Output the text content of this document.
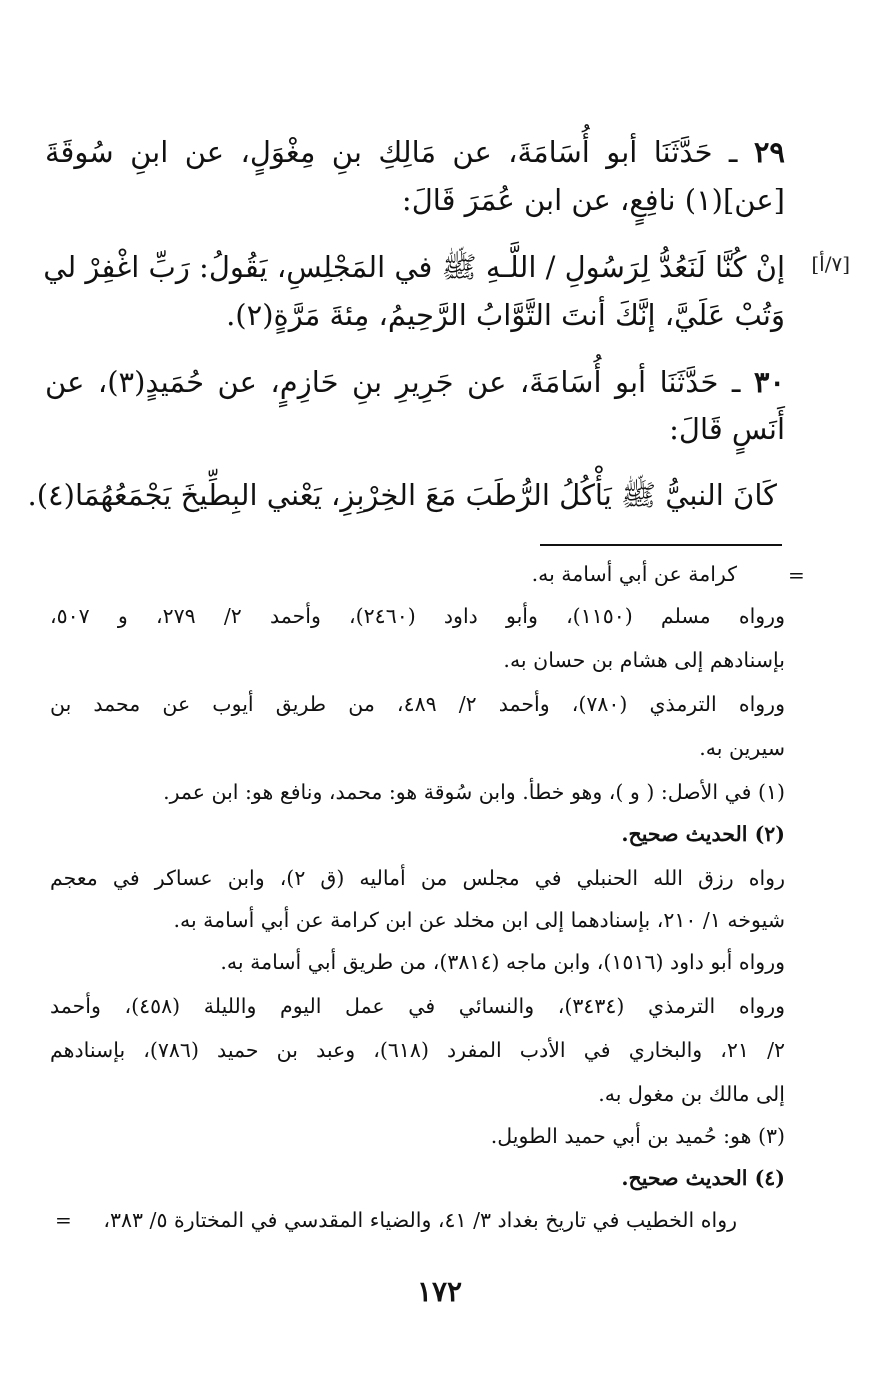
٢٩ ـ حَدَّثَنَا أبو أُسَامَةَ، عن مَالِكِ بنِ مِغْوَلٍ، عن ابنِ سُوقَةَ
[عن](١) نافِعٍ، عن ابن عُمَرَ قَالَ:
إنْ كُنَّا لَنَعُدُّ لِرَسُولِ / اللَّـهِ ﷺ في المَجْلِسِ، يَقُولُ: رَبِّ اغْفِرْ لي
وَتُبْ عَلَيَّ، إنَّكَ أنتَ التَّوَّابُ الرَّحِيمُ، مِئةَ مَرَّةٍ(٢).
[٧/أ]
٣٠ ـ حَدَّثَنَا أبو أُسَامَةَ، عن جَرِيرِ بنِ حَازِمٍ، عن حُمَيدٍ(٣)، عن
أَنَسٍ قَالَ:
كَانَ النبيُّ ﷺ يَأْكُلُ الرُّطَبَ مَعَ الخِرْبِزِ، يَعْني البِطِّيخَ يَجْمَعُهُمَا(٤).
=
كرامة عن أبي أسامة به.
ورواه مسلم (١١٥٠)، وأبو داود (٢٤٦٠)، وأحمد ٢/ ٢٧٩، و ٥٠٧،
بإسنادهم إلى هشام بن حسان به.
ورواه الترمذي (٧٨٠)، وأحمد ٢/ ٤٨٩، من طريق أيوب عن محمد بن
سيرين به.
(١) في الأصل: ( و )، وهو خطأ. وابن سُوقة هو: محمد، ونافع هو: ابن عمر.
(٢) الحديث صحيح.
رواه رزق الله الحنبلي في مجلس من أماليه (ق ٢)، وابن عساكر في معجم
شيوخه ١/ ٢١٠، بإسنادهما إلى ابن مخلد عن ابن كرامة عن أبي أسامة به.
ورواه أبو داود (١٥١٦)، وابن ماجه (٣٨١٤)، من طريق أبي أسامة به.
ورواه الترمذي (٣٤٣٤)، والنسائي في عمل اليوم والليلة (٤٥٨)، وأحمد
٢/ ٢١، والبخاري في الأدب المفرد (٦١٨)، وعبد بن حميد (٧٨٦)، بإسنادهم
إلى مالك بن مغول به.
(٣) هو: حُميد بن أبي حميد الطويل.
(٤) الحديث صحيح.
رواه الخطيب في تاريخ بغداد ٣/ ٤١، والضياء المقدسي في المختارة ٥/ ٣٨٣،
=
١٧٢
